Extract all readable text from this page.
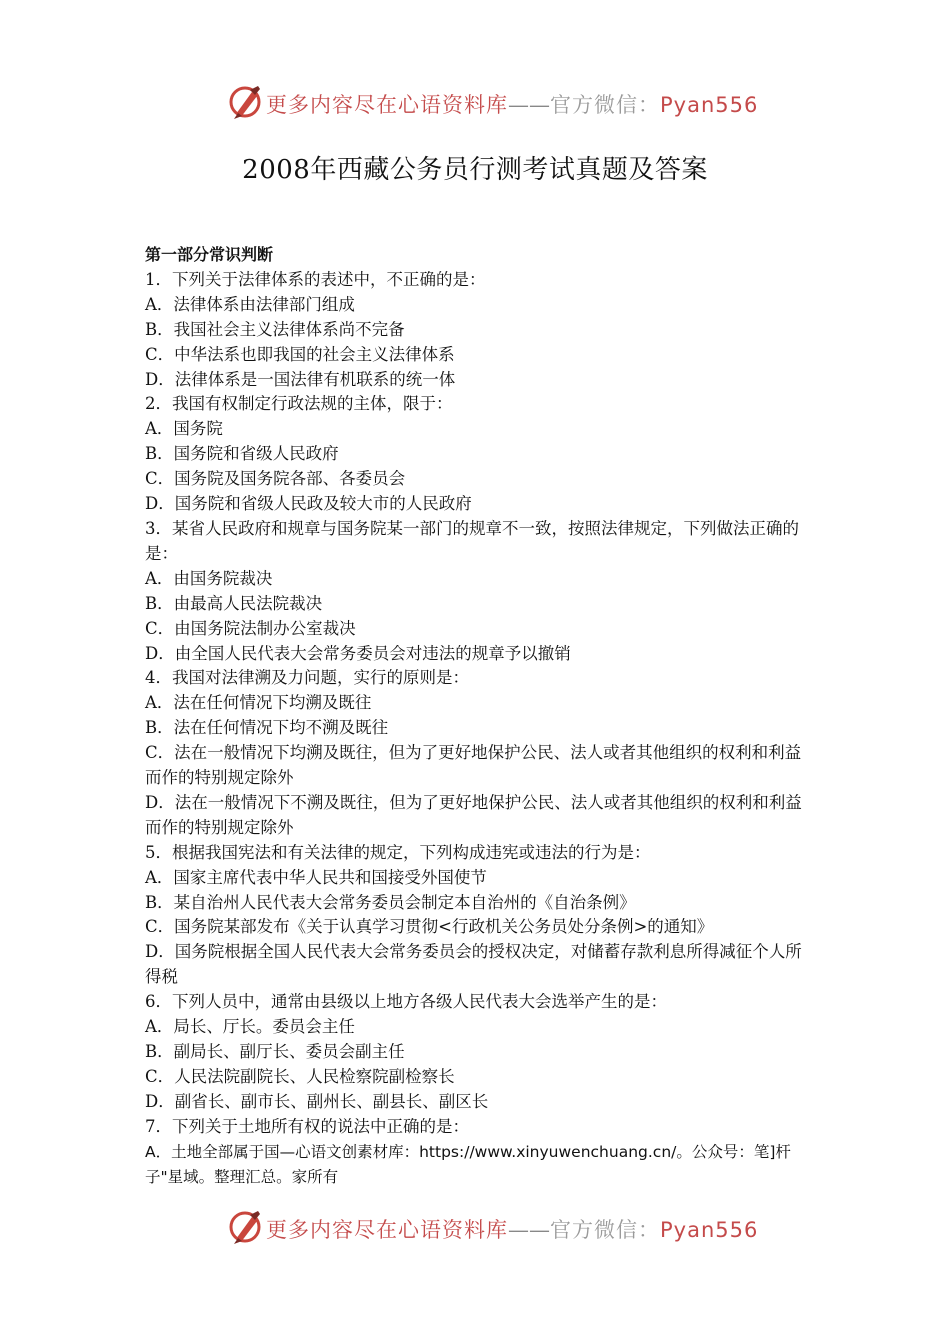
更多内容尽在心语资料库——官方微信：Pyan556
2008年西藏公务员行测考试真题及答案
第一部分常识判断
1．下列关于法律体系的表述中，不正确的是：
A．法律体系由法律部门组成
B．我国社会主义法律体系尚不完备
C．中华法系也即我国的社会主义法律体系
D．法律体系是一国法律有机联系的统一体
2．我国有权制定行政法规的主体，限于：
A．国务院
B．国务院和省级人民政府
C．国务院及国务院各部、各委员会
D．国务院和省级人民政及较大市的人民政府
3．某省人民政府和规章与国务院某一部门的规章不一致，按照法律规定，下列做法正确的是：
A．由国务院裁决
B．由最高人民法院裁决
C．由国务院法制办公室裁决
D．由全国人民代表大会常务委员会对违法的规章予以撤销
4．我国对法律溯及力问题，实行的原则是：
A．法在任何情况下均溯及既往
B．法在任何情况下均不溯及既往
C．法在一般情况下均溯及既往，但为了更好地保护公民、法人或者其他组织的权利和利益而作的特别规定除外
D．法在一般情况下不溯及既往，但为了更好地保护公民、法人或者其他组织的权利和利益而作的特别规定除外
5．根据我国宪法和有关法律的规定，下列构成违宪或违法的行为是：
A．国家主席代表中华人民共和国接受外国使节
B．某自治州人民代表大会常务委员会制定本自治州的《自治条例》
C．国务院某部发布《关于认真学习贯彻<行政机关公务员处分条例>的通知》
D．国务院根据全国人民代表大会常务委员会的授权决定，对储蓄存款利息所得减征个人所得税
6．下列人员中，通常由县级以上地方各级人民代表大会选举产生的是：
A．局长、厅长。委员会主任
B．副局长、副厅长、委员会副主任
C．人民法院副院长、人民检察院副检察长
D．副省长、副市长、副州长、副县长、副区长
7．下列关于土地所有权的说法中正确的是：
A．土地全部属于国—心语文创素材库：https://www.xinyuwenchuang.cn/。公众号：笔]杆子"星域。整理汇总。家所有
更多内容尽在心语资料库——官方微信：Pyan556
